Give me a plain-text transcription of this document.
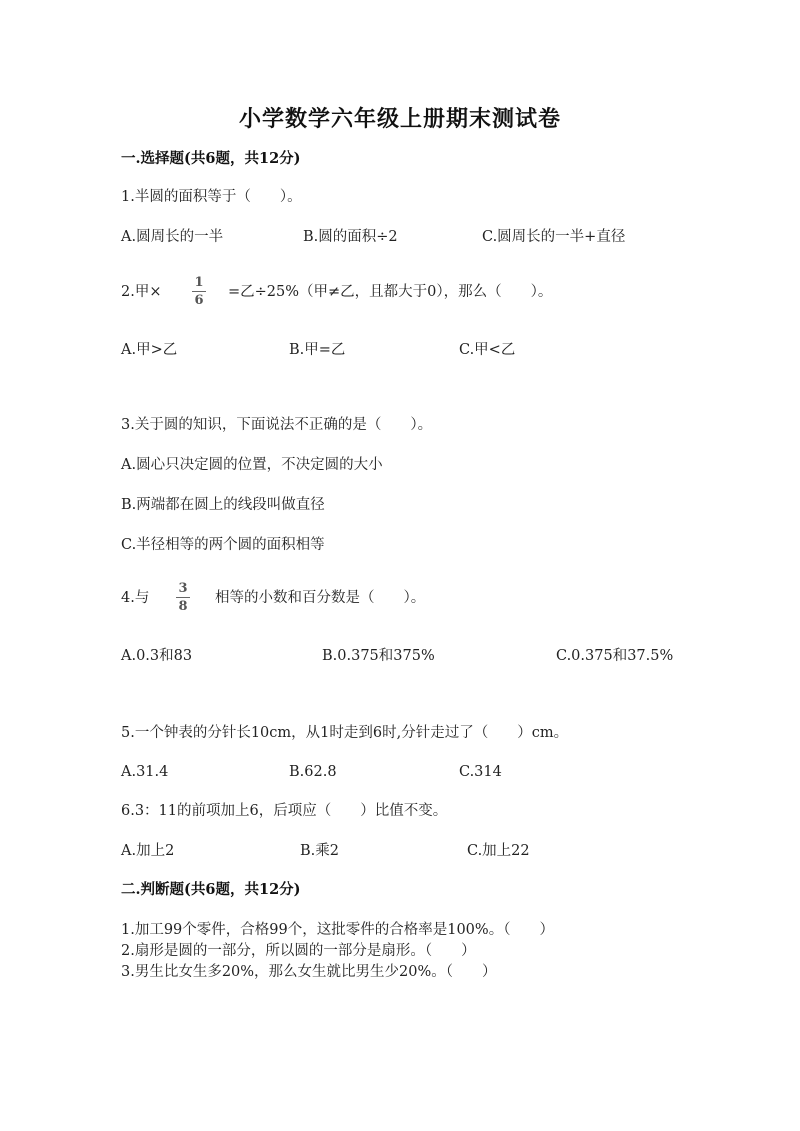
小学数学六年级上册期末测试卷
一.选择题(共6题，共12分)
1.半圆的面积等于（　　）。
A.圆周长的一半	B.圆的面积÷2	C.圆周长的一半+直径
2.甲×
1
6
=乙÷25%（甲≠乙，且都大于0），那么（　　）。
A.甲>乙	B.甲=乙	C.甲<乙
3.关于圆的知识，下面说法不正确的是（　　）。
A.圆心只决定圆的位置，不决定圆的大小
B.两端都在圆上的线段叫做直径
C.半径相等的两个圆的面积相等
4.与
3
8
相等的小数和百分数是（　　）。
A.0.3和83	B.0.375和375%	C.0.375和37.5%
5.一个钟表的分针长10cm，从1时走到6时,分针走过了（　　）cm。
A.31.4	B.62.8	C.314
6.3：11的前项加上6，后项应（　　）比值不变。
A.加上2	B.乘2	C.加上22
二.判断题(共6题，共12分)
1.加工99个零件，合格99个，这批零件的合格率是100%。（　　）
2.扇形是圆的一部分，所以圆的一部分是扇形。（　　）
3.男生比女生多20%，那么女生就比男生少20%。（　　）
